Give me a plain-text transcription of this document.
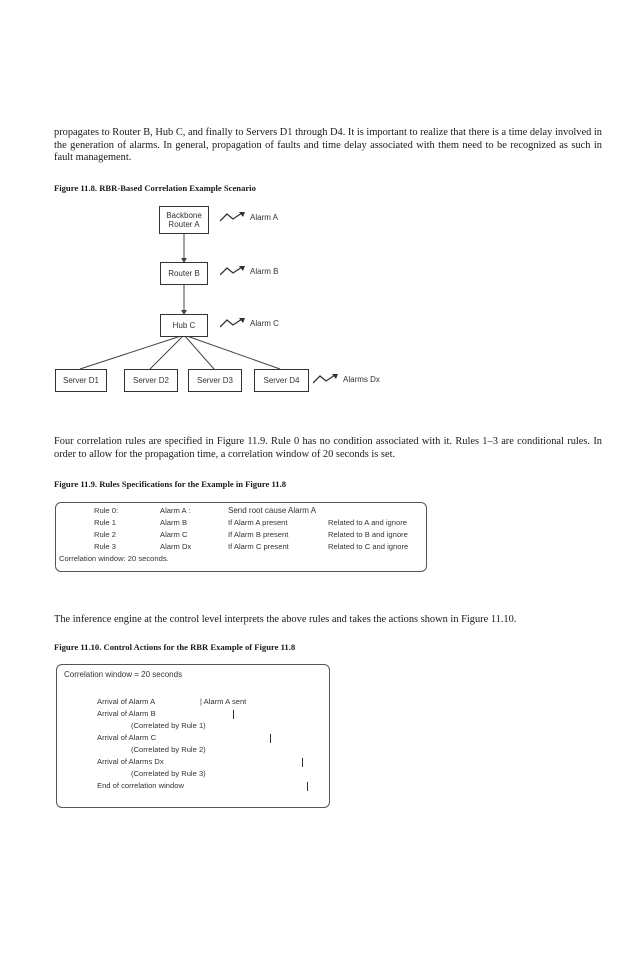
propagates to Router B, Hub C, and finally to Servers D1 through D4. It is important to realize that there is a time delay involved in the generation of alarms. In general, propagation of faults and time delay associated with them need to be recognized as such in fault management.
Figure 11.8. RBR-Based Correlation Example Scenario
Backbone
Router A
Router B
Hub C
Server D1	Server D2	Server D3	Server D4
Alarm A
Alarm B
Alarm C
Alarms Dx
Four correlation rules are specified in Figure 11.9. Rule 0 has no condition associated with it. Rules 1–3 are conditional rules. In order to allow for the propagation time, a correlation window of 20 seconds is set.
Figure 11.9. Rules Specifications for the Example in Figure 11.8
Rule 0:	Alarm A :	Send root cause Alarm A
Rule 1	Alarm B	If Alarm A present	Related to A and ignore
Rule 2	Alarm C	If Alarm B present	Related to B and ignore
Rule 3	Alarm Dx	If Alarm C present	Related to C and ignore
Correlation window: 20 seconds.
The inference engine at the control level interprets the above rules and takes the actions shown in Figure 11.10.
Figure 11.10. Control Actions for the RBR Example of Figure 11.8
Correlation window = 20 seconds
Arrival of Alarm A	| Alarm A sent
Arrival of Alarm B
(Correlated by Rule 1)
Arrival of Alarm C
(Correlated by Rule 2)
Arrival of Alarms Dx
(Correlated by Rule 3)
End of correlation window
